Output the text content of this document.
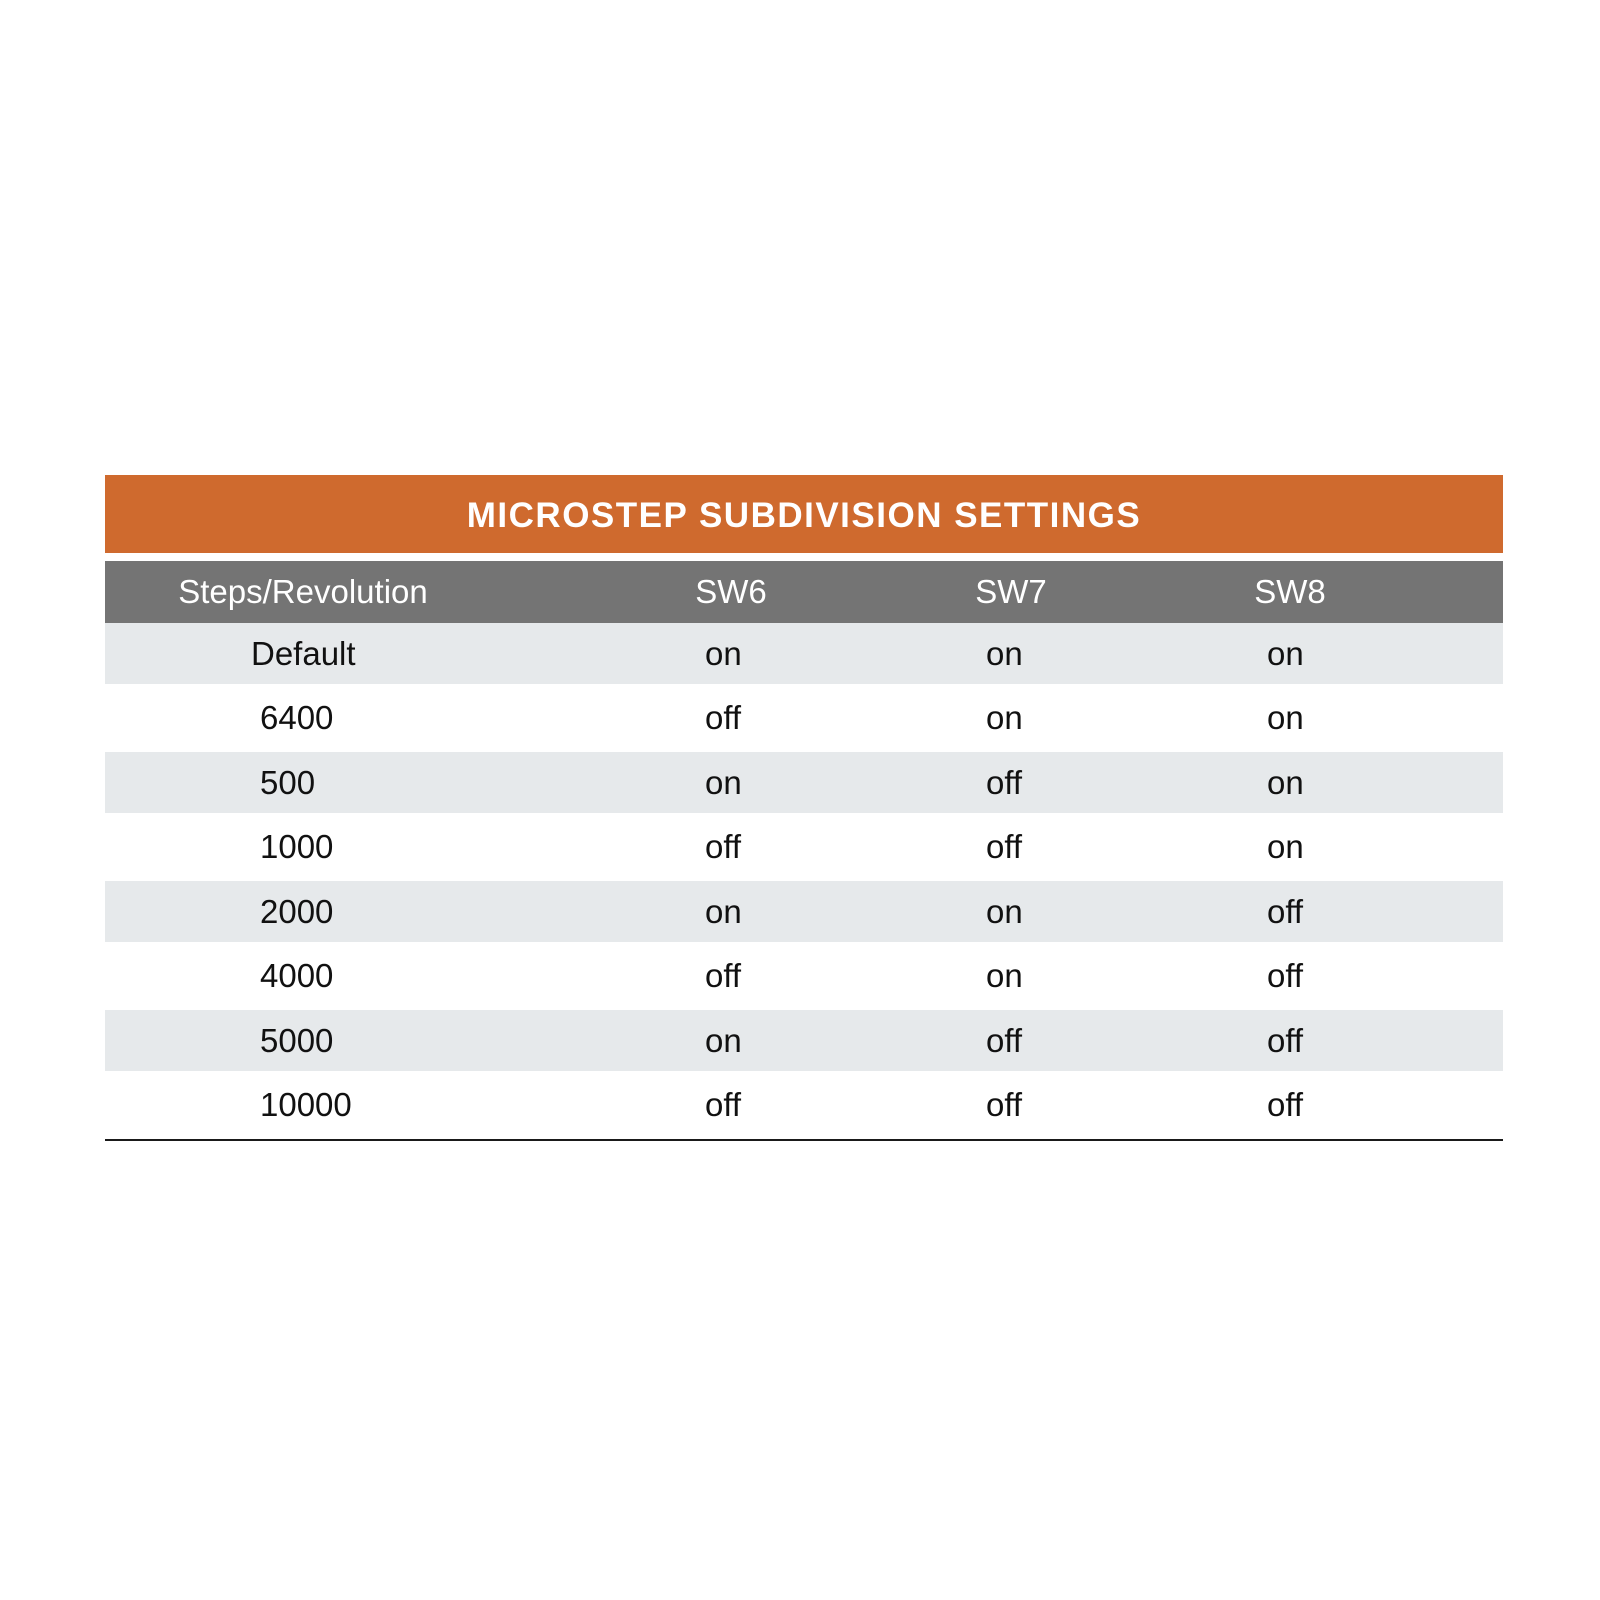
MICROSTEP SUBDIVISION SETTINGS
Steps/Revolution	SW6	SW7	SW8
Default	on	on	on
6400	off	on	on
500	on	off	on
1000	off	off	on
2000	on	on	off
4000	off	on	off
5000	on	off	off
10000	off	off	off
